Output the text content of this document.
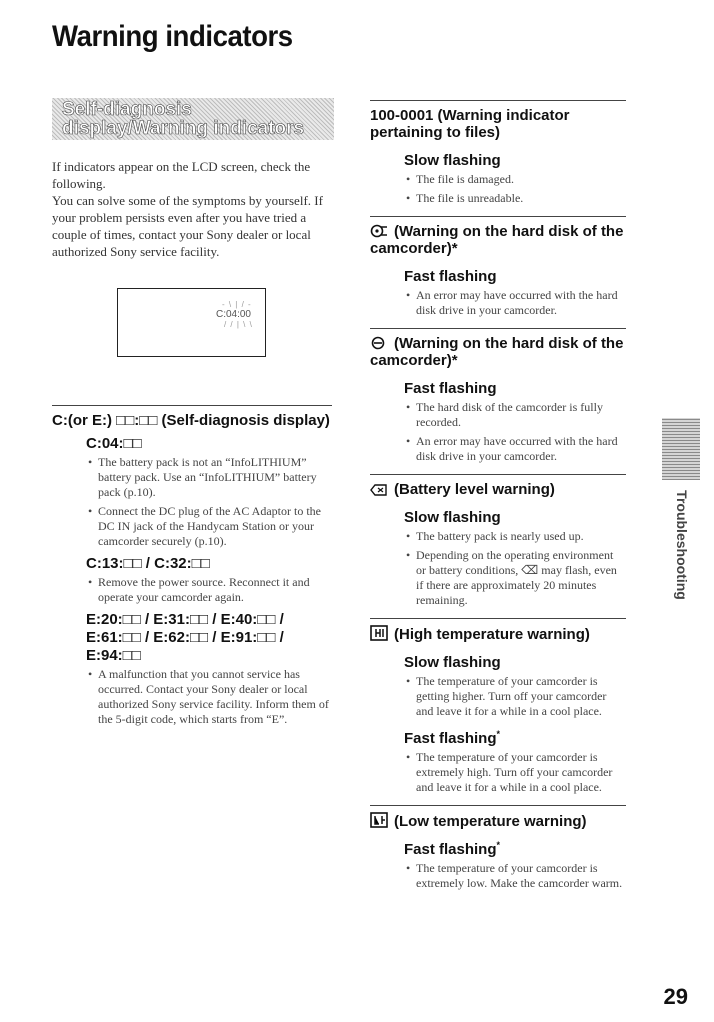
Warning indicators
Self-diagnosis display/Warning indicators

If indicators appear on the LCD screen, check the following.

You can solve some of the symptoms by yourself. If your problem persists even after you have tried a couple of times, contact your Sony dealer or local authorized Sony service facility.

- \ | / - C:04:00 / / | \ \
C:(or E:) □□:□□ (Self-diagnosis display)
C:04:□□
• The battery pack is not an “InfoLITHIUM” battery pack. Use an “InfoLITHIUM” battery pack (p.10).
• Connect the DC plug of the AC Adaptor to the DC IN jack of the Handycam Station or your camcorder securely (p.10).
C:13:□□ / C:32:□□
• Remove the power source. Reconnect it and operate your camcorder again.
E:20:□□ / E:31:□□ / E:40:□□ / E:61:□□ / E:62:□□ / E:91:□□ / E:94:□□
• A malfunction that you cannot service has occurred. Contact your Sony dealer or local authorized Sony service facility. Inform them of the 5-digit code, which starts from “E”.
100-0001 (Warning indicator pertaining to files)
Slow flashing
• The file is damaged.
• The file is unreadable.
(Warning on the hard disk of the camcorder)*
Fast flashing
• An error may have occurred with the hard disk drive in your camcorder.
(Warning on the hard disk of the camcorder)*
Fast flashing
• The hard disk of the camcorder is fully recorded.
• An error may have occurred with the hard disk drive in your camcorder.
(Battery level warning)
Slow flashing
• The battery pack is nearly used up.
• Depending on the operating environment or battery conditions, ⌫ may flash, even if there are approximately 20 minutes remaining.
(High temperature warning)
Slow flashing
• The temperature of your camcorder is getting higher. Turn off your camcorder and leave it for a while in a cool place.
Fast flashing*
• The temperature of your camcorder is extremely high. Turn off your camcorder and leave it for a while in a cool place.
(Low temperature warning)
Fast flashing*
• The temperature of your camcorder is extremely low. Make the camcorder warm.
Troubleshooting
29
